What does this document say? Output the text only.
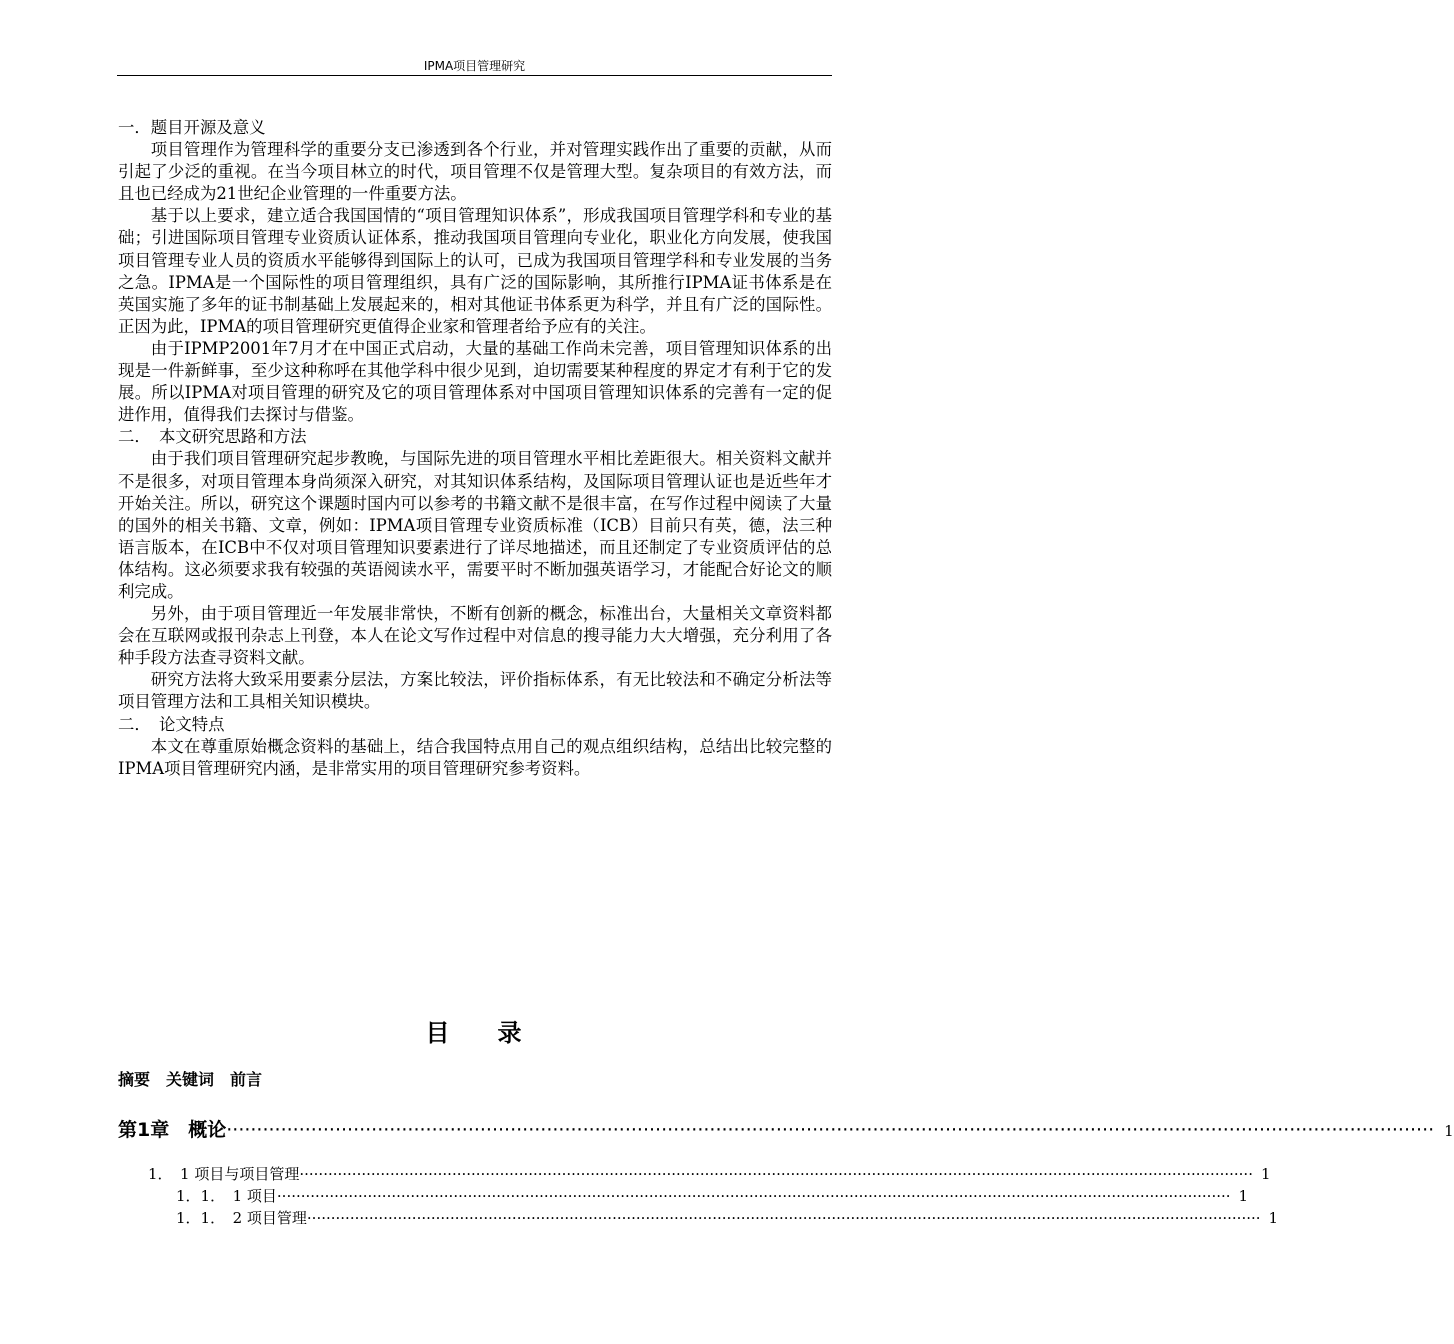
IPMA项目管理研究

一．题目开源及意义

项目管理作为管理科学的重要分支已渗透到各个行业，并对管理实践作出了重要的贡献，从而引起了少泛的重视。在当今项目林立的时代，项目管理不仅是管理大型。复杂项目的有效方法，而且也已经成为21世纪企业管理的一件重要方法。

基于以上要求，建立适合我国国情的“项目管理知识体系”，形成我国项目管理学科和专业的基础；引进国际项目管理专业资质认证体系，推动我国项目管理向专业化，职业化方向发展，使我国项目管理专业人员的资质水平能够得到国际上的认可，已成为我国项目管理学科和专业发展的当务之急。IPMA是一个国际性的项目管理组织，具有广泛的国际影响，其所推行IPMA证书体系是在英国实施了多年的证书制基础上发展起来的，相对其他证书体系更为科学，并且有广泛的国际性。正因为此，IPMA的项目管理研究更值得企业家和管理者给予应有的关注。

由于IPMP2001年7月才在中国正式启动，大量的基础工作尚未完善，项目管理知识体系的出现是一件新鲜事，至少这种称呼在其他学科中很少见到，迫切需要某种程度的界定才有利于它的发展。所以IPMA对项目管理的研究及它的项目管理体系对中国项目管理知识体系的完善有一定的促进作用，值得我们去探讨与借鉴。

二．　本文研究思路和方法

由于我们项目管理研究起步教晚，与国际先进的项目管理水平相比差距很大。相关资料文献并不是很多，对项目管理本身尚须深入研究，对其知识体系结构，及国际项目管理认证也是近些年才开始关注。所以，研究这个课题时国内可以参考的书籍文献不是很丰富，在写作过程中阅读了大量的国外的相关书籍、文章，例如：IPMA项目管理专业资质标准（ICB）目前只有英，德，法三种语言版本，在ICB中不仅对项目管理知识要素进行了详尽地描述，而且还制定了专业资质评估的总体结构。这必须要求我有较强的英语阅读水平，需要平时不断加强英语学习，才能配合好论文的顺利完成。

另外，由于项目管理近一年发展非常快，不断有创新的概念，标准出台，大量相关文章资料都会在互联网或报刊杂志上刊登，本人在论文写作过程中对信息的搜寻能力大大增强，充分利用了各种手段方法查寻资料文献。

研究方法将大致采用要素分层法，方案比较法，评价指标体系，有无比较法和不确定分析法等项目管理方法和工具相关知识模块。

二．　论文特点

本文在尊重原始概念资料的基础上，结合我国特点用自己的观点组织结构，总结出比较完整的IPMA项目管理研究内涵，是非常实用的项目管理研究参考资料。

目 录
摘要　关键词　前言
第1章　概论 ········································································································································································································ 1
1．　1 项目与项目管理 ········································································································································································································ 1
1．1．　1 项目 ········································································································································································································ 1
1．1．　2 项目管理 ········································································································································································································ 1
